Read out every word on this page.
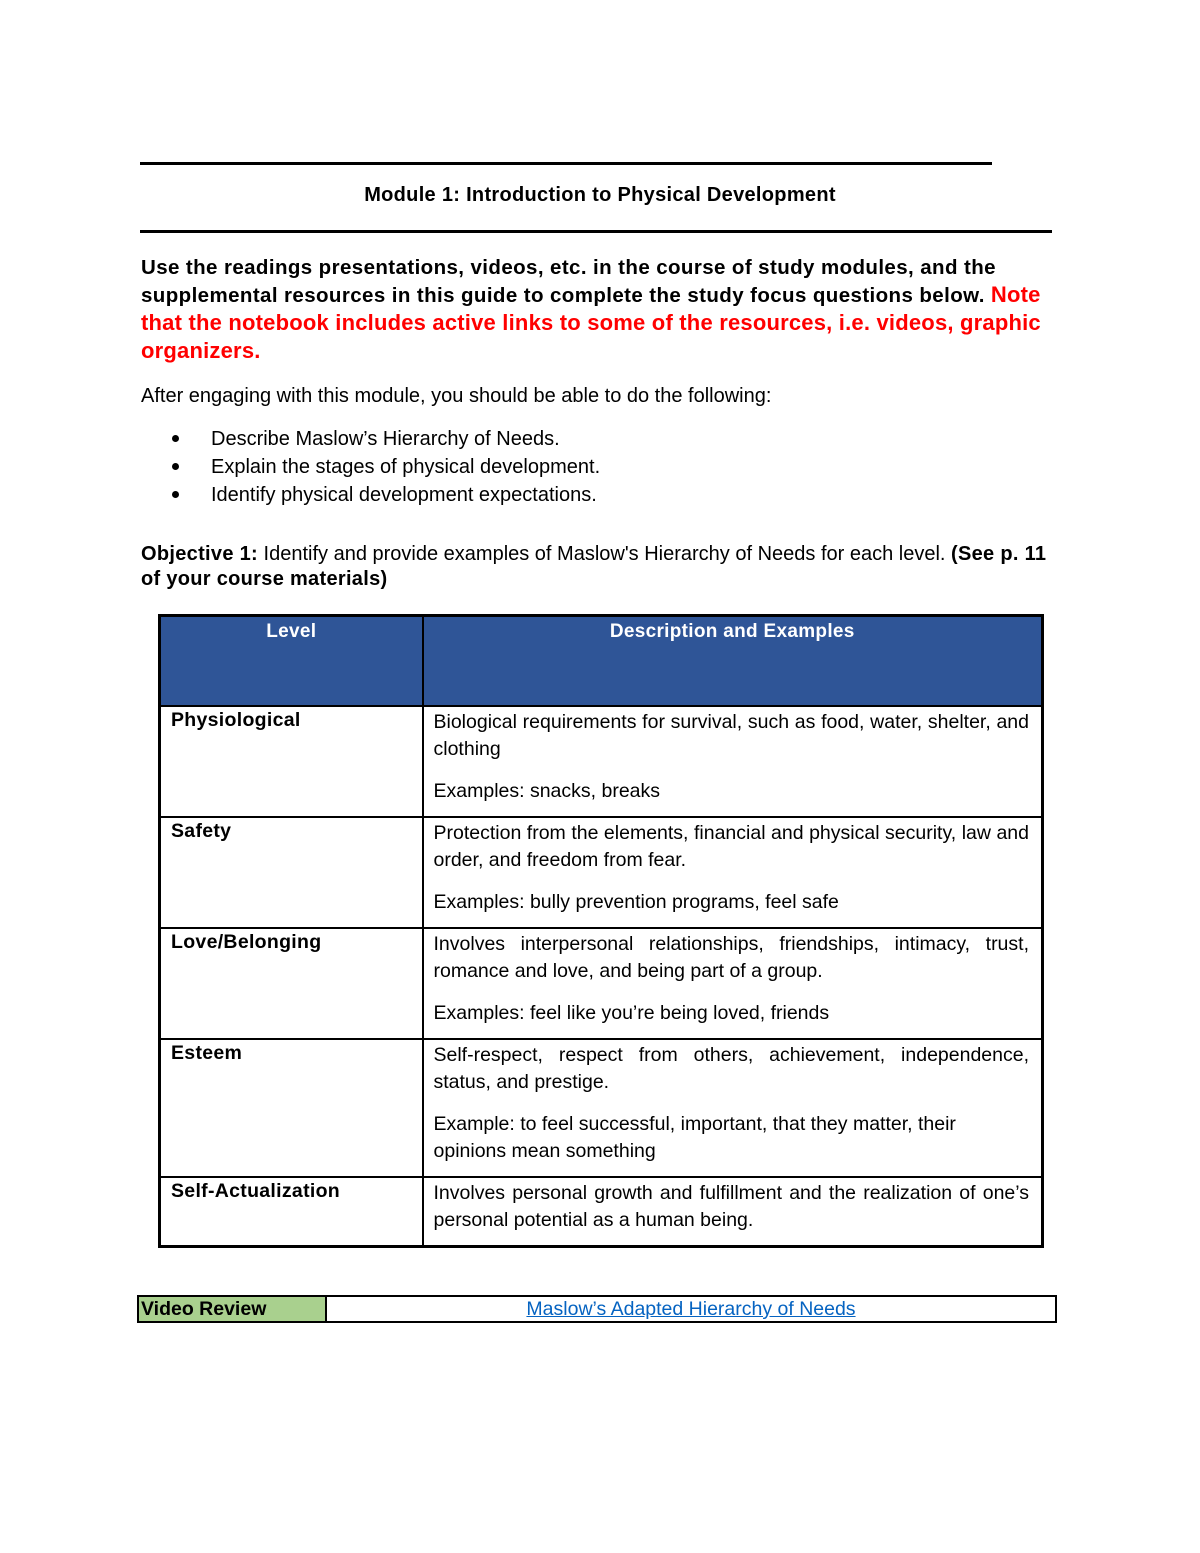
Module 1: Introduction to Physical Development
Use the readings presentations, videos, etc. in the course of study modules, and the supplemental resources in this guide to complete the study focus questions below. Note that the notebook includes active links to some of the resources, i.e. videos, graphic organizers.
After engaging with this module, you should be able to do the following:
Describe Maslow’s Hierarchy of Needs.
Explain the stages of physical development.
Identify physical development expectations.
Objective 1: Identify and provide examples of Maslow's Hierarchy of Needs for each level. (See p. 11 of your course materials)
Level	Description and Examples
Physiological	Biological requirements for survival, such as food, water, shelter, and clothing

Examples: snacks, breaks

Safety	Protection from the elements, financial and physical security, law and order, and freedom from fear.

Examples: bully prevention programs, feel safe

Love/Belonging	Involves interpersonal relationships, friendships, intimacy, trust, romance and love, and being part of a group.

Examples: feel like you’re being loved, friends

Esteem	Self-respect, respect from others, achievement, independence, status, and prestige.

Example: to feel successful, important, that they matter, their opinions mean something

Self-Actualization	Involves personal growth and fulfillment and the realization of one’s personal potential as a human being.

Video Review	Maslow’s Adapted Hierarchy of Needs
